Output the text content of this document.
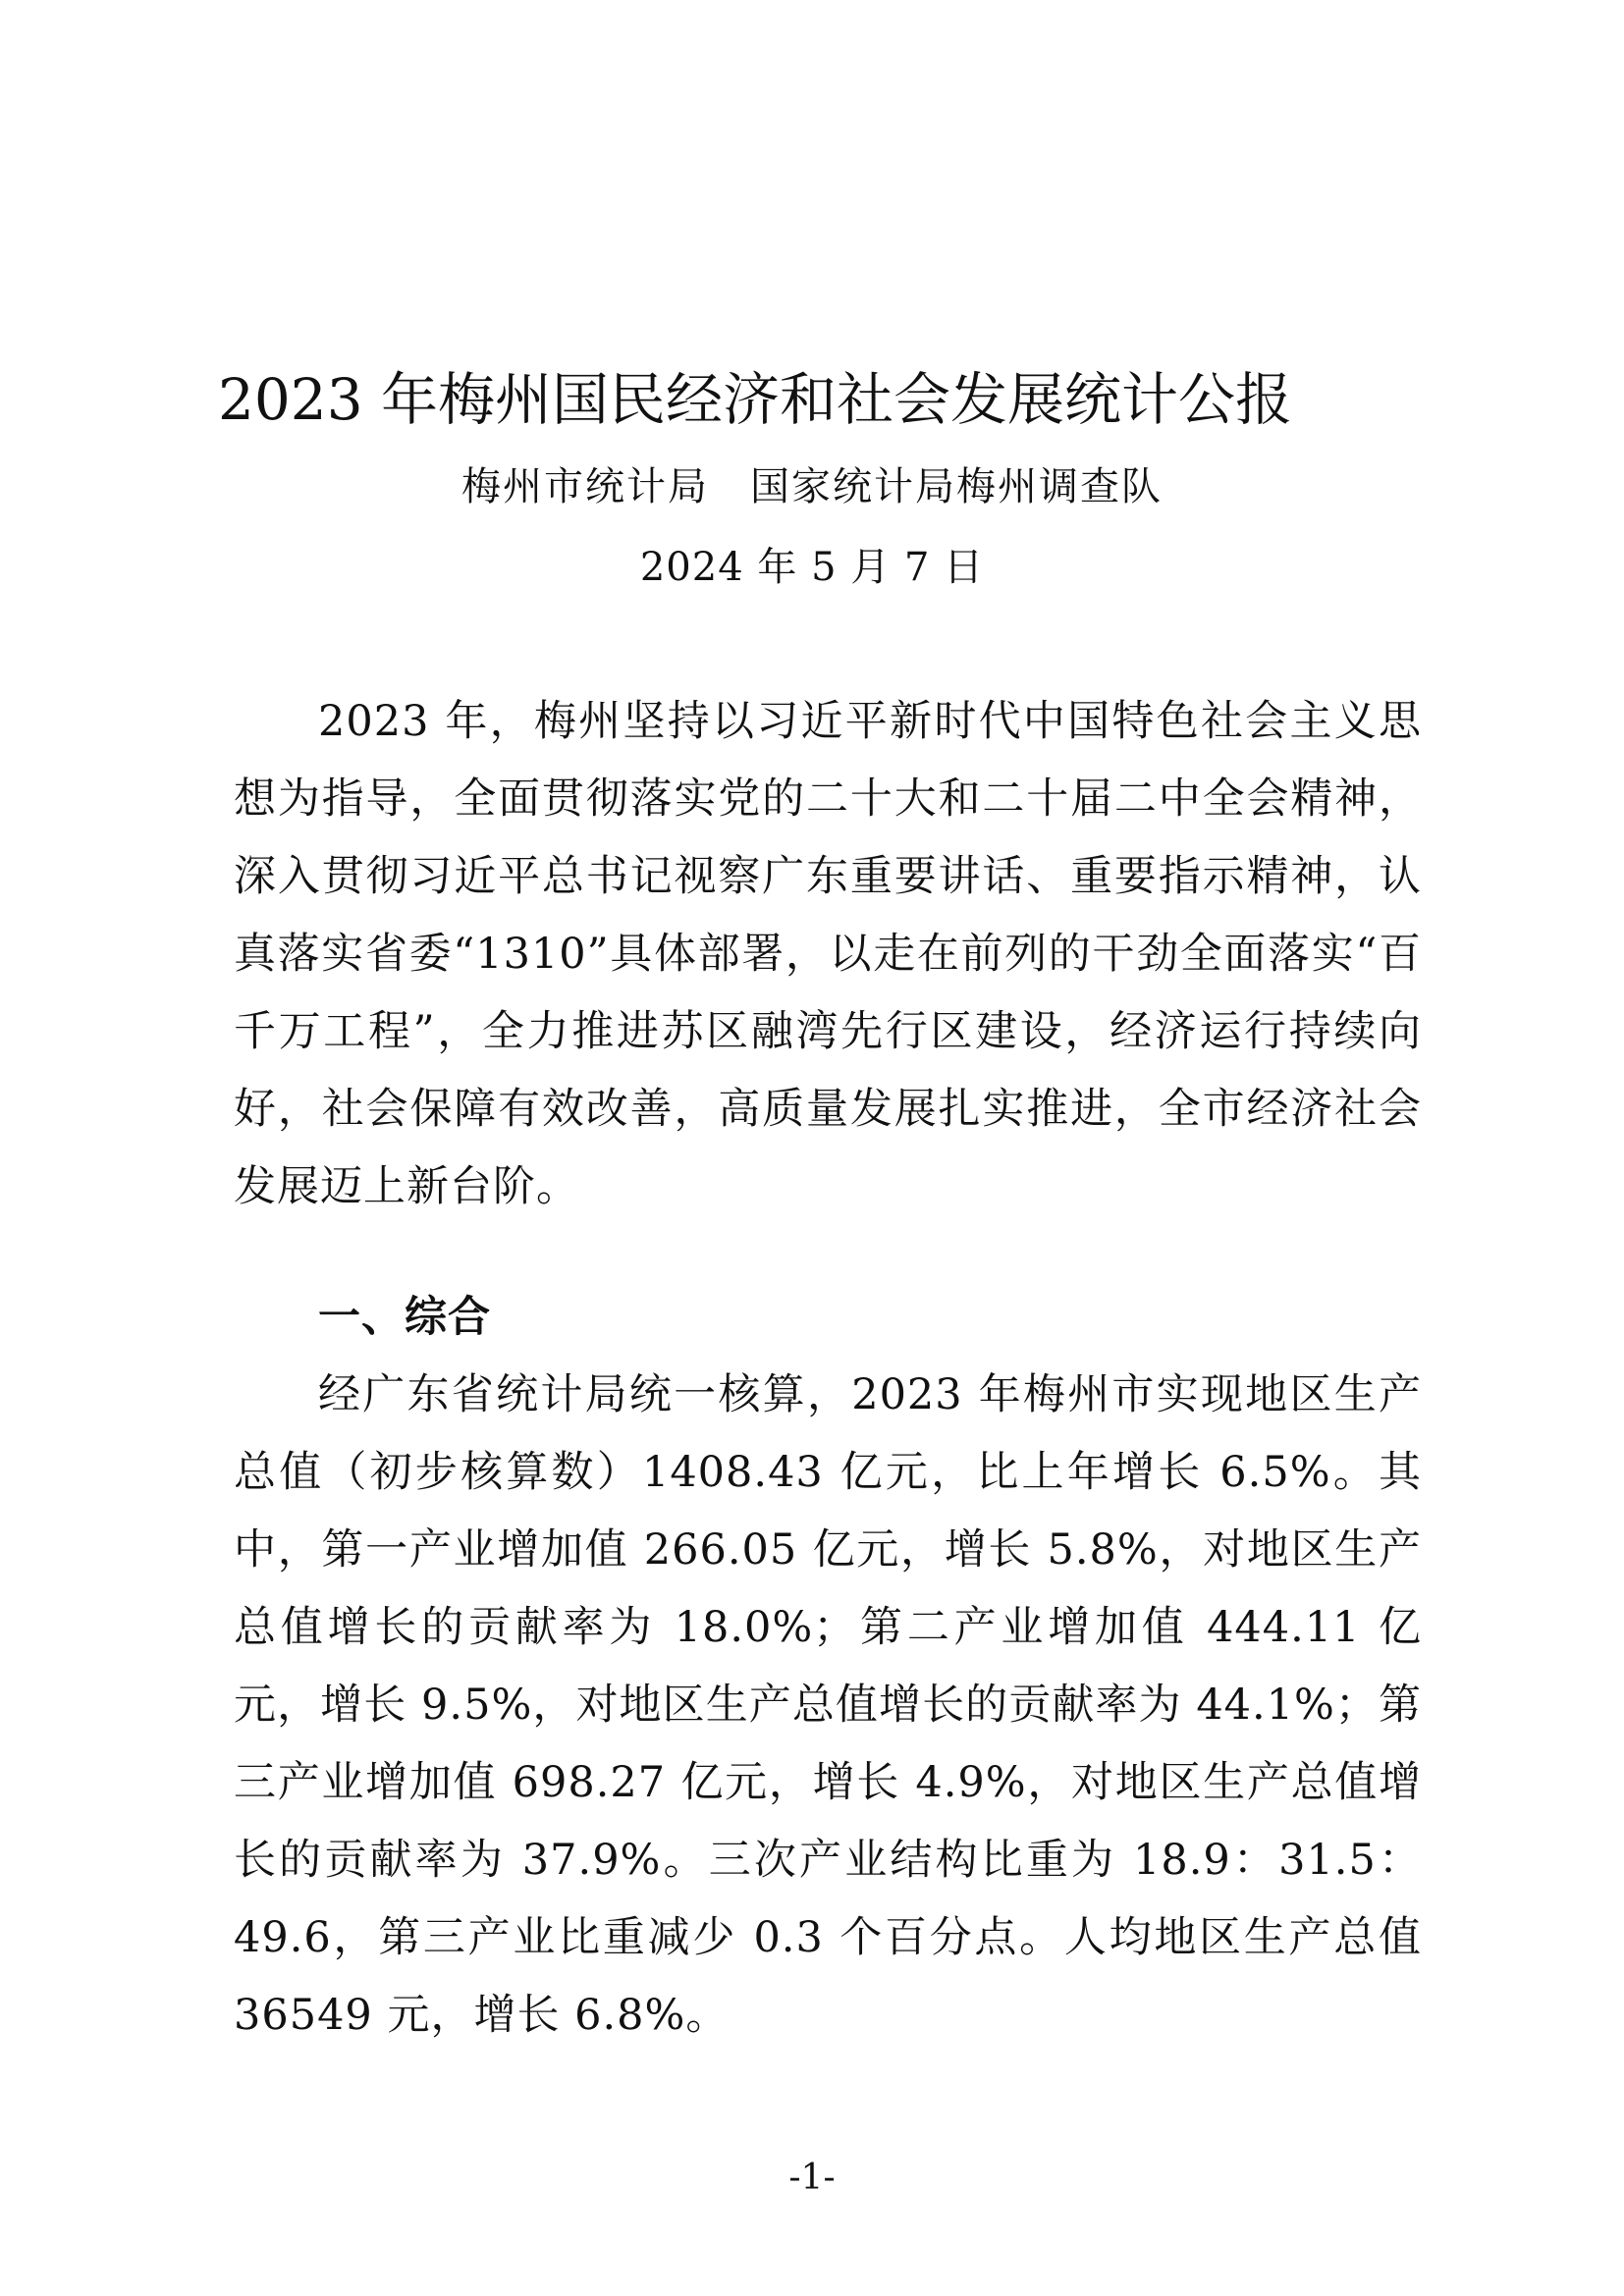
2023 年梅州国民经济和社会发展统计公报
梅州市统计局　国家统计局梅州调查队
2024 年 5 月 7 日

2023 年，梅州坚持以习近平新时代中国特色社会主义思想为指导，全面贯彻落实党的二十大和二十届二中全会精神，深入贯彻习近平总书记视察广东重要讲话、重要指示精神，认真落实省委“1310”具体部署，以走在前列的干劲全面落实“百千万工程”，全力推进苏区融湾先行区建设，经济运行持续向好，社会保障有效改善，高质量发展扎实推进，全市经济社会发展迈上新台阶。

一、综合

经广东省统计局统一核算，2023 年梅州市实现地区生产总值（初步核算数）1408.43 亿元，比上年增长 6.5%。其中，第一产业增加值 266.05 亿元，增长 5.8%，对地区生产总值增长的贡献率为 18.0%；第二产业增加值 444.11 亿元，增长 9.5%，对地区生产总值增长的贡献率为 44.1%；第三产业增加值 698.27 亿元，增长 4.9%，对地区生产总值增长的贡献率为 37.9%。三次产业结构比重为 18.9：31.5：49.6，第三产业比重减少 0.3 个百分点。人均地区生产总值 36549 元，增长 6.8%。

-1-
